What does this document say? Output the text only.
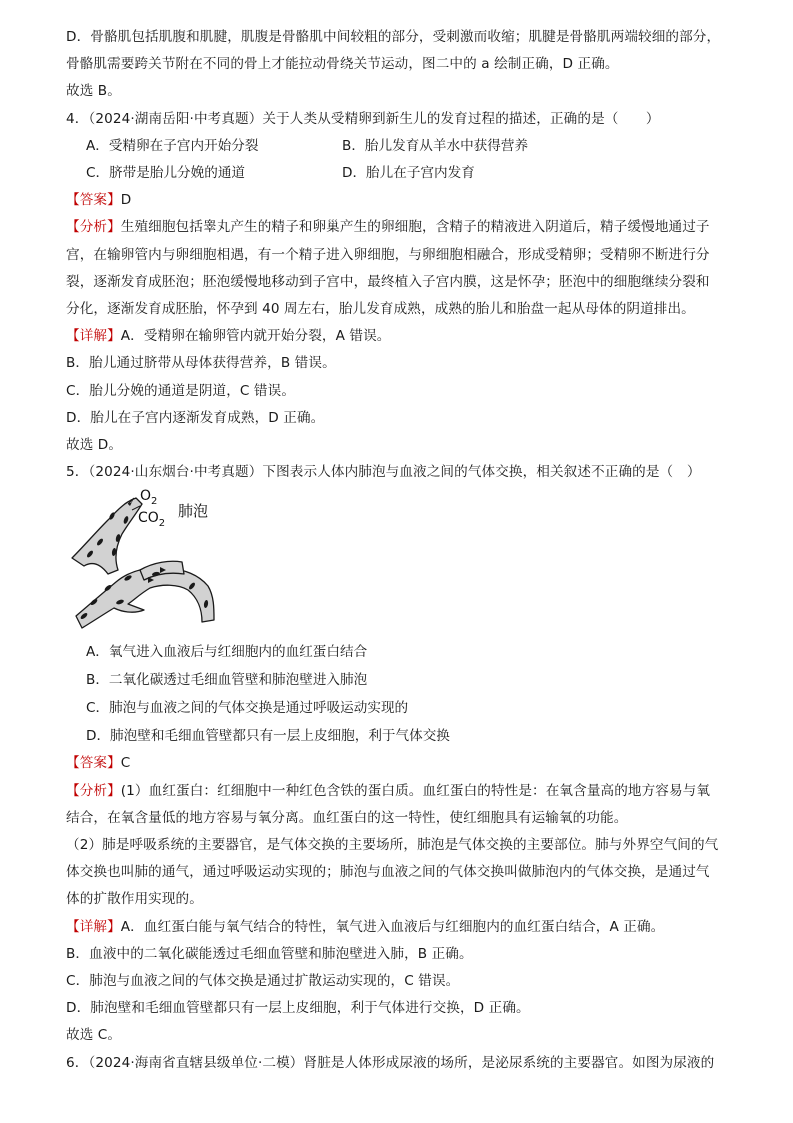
D．骨骼肌包括肌腹和肌腱，肌腹是骨骼肌中间较粗的部分，受刺激而收缩；肌腱是骨骼肌两端较细的部分，
骨骼肌需要跨关节附在不同的骨上才能拉动骨绕关节运动，图二中的 a 绘制正确，D 正确。
故选 B。
4．（2024·湖南岳阳·中考真题）关于人类从受精卵到新生儿的发育过程的描述，正确的是（　　）
A．受精卵在子宫内开始分裂	B．胎儿发育从羊水中获得营养
C．脐带是胎儿分娩的通道	D．胎儿在子宫内发育
【答案】D
【分析】生殖细胞包括睾丸产生的精子和卵巢产生的卵细胞，含精子的精液进入阴道后，精子缓慢地通过子
宫，在输卵管内与卵细胞相遇，有一个精子进入卵细胞，与卵细胞相融合，形成受精卵；受精卵不断进行分
裂，逐渐发育成胚泡；胚泡缓慢地移动到子宫中，最终植入子宫内膜，这是怀孕；胚泡中的细胞继续分裂和
分化，逐渐发育成胚胎，怀孕到 40 周左右，胎儿发育成熟，成熟的胎儿和胎盘一起从母体的阴道排出。
【详解】A．受精卵在输卵管内就开始分裂，A 错误。
B．胎儿通过脐带从母体获得营养，B 错误。
C．胎儿分娩的通道是阴道，C 错误。
D．胎儿在子宫内逐渐发育成熟，D 正确。
故选 D。
5．（2024·山东烟台·中考真题）下图表示人体内肺泡与血液之间的气体交换，相关叙述不正确的是（　）
$O_2$
$CO_2$
肺泡
A．氧气进入血液后与红细胞内的血红蛋白结合
B．二氧化碳透过毛细血管壁和肺泡壁进入肺泡
C．肺泡与血液之间的气体交换是通过呼吸运动实现的
D．肺泡壁和毛细血管壁都只有一层上皮细胞，利于气体交换
【答案】C
【分析】(1）血红蛋白：红细胞中一种红色含铁的蛋白质。血红蛋白的特性是：在氧含量高的地方容易与氧
结合，在氧含量低的地方容易与氧分离。血红蛋白的这一特性，使红细胞具有运输氧的功能。
（2）肺是呼吸系统的主要器官，是气体交换的主要场所，肺泡是气体交换的主要部位。肺与外界空气间的气
体交换也叫肺的通气，通过呼吸运动实现的；肺泡与血液之间的气体交换叫做肺泡内的气体交换，是通过气
体的扩散作用实现的。
【详解】A．血红蛋白能与氧气结合的特性，氧气进入血液后与红细胞内的血红蛋白结合，A 正确。
B．血液中的二氧化碳能透过毛细血管壁和肺泡壁进入肺，B 正确。
C．肺泡与血液之间的气体交换是通过扩散运动实现的，C 错误。
D．肺泡壁和毛细血管壁都只有一层上皮细胞，利于气体进行交换，D 正确。
故选 C。
6．（2024·海南省直辖县级单位·二模）肾脏是人体形成尿液的场所，是泌尿系统的主要器官。如图为尿液的
